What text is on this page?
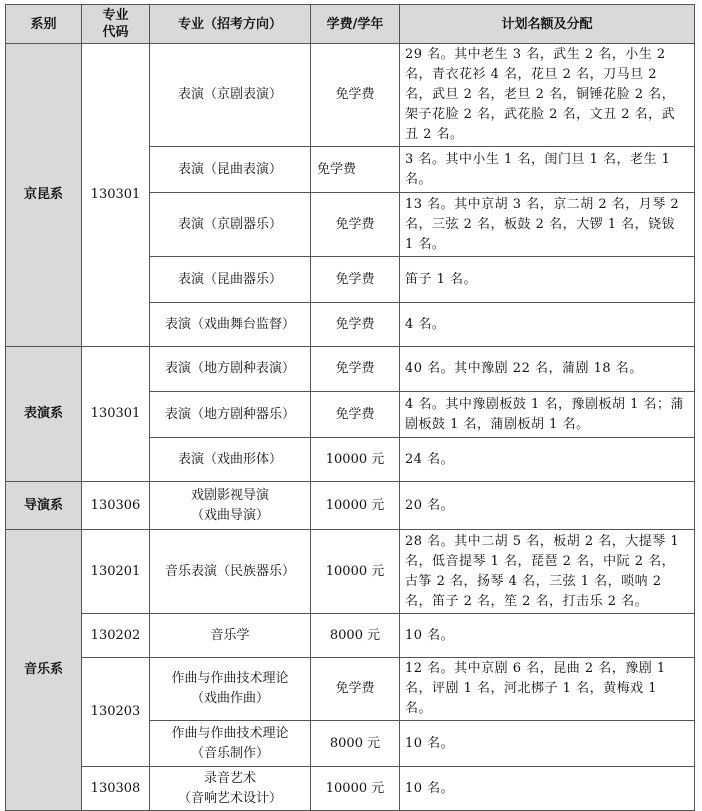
系别	专业
代码	专业（招考方向）	学费/学年	计划名额及分配
京昆系	130301	表演（京剧表演）	免学费	29 名。其中老生 3 名，武生 2 名，小生 2 名，青衣花衫 4 名，花旦 2 名，刀马旦 2 名，武旦 2 名，老旦 2 名，铜锤花脸 2 名，架子花脸 2 名，武花脸 2 名，文丑 2 名，武丑 2 名。

		表演（昆曲表演）	免学费	3 名。其中小生 1 名，闺门旦 1 名，老生 1 名。

		表演（京剧器乐）	免学费	13 名。其中京胡 3 名，京二胡 2 名，月琴 2 名，三弦 2 名，板鼓 2 名，大锣 1 名，铙钹 1 名。

		表演（昆曲器乐）	免学费	笛子 1 名。

		表演（戏曲舞台监督）	免学费	4 名。
表演系	130301	表演（地方剧种表演）	免学费	40 名。其中豫剧 22 名，蒲剧 18 名。

		表演（地方剧种器乐）	免学费	4 名。其中豫剧板鼓 1 名，豫剧板胡 1 名；蒲剧板鼓 1 名，蒲剧板胡 1 名。

		表演（戏曲形体）	10000 元	24 名。
导演系	130306	戏剧影视导演
（戏曲导演）	10000 元	20 名。
音乐系	130201	音乐表演（民族器乐）	10000 元	28 名。其中二胡 5 名，板胡 2 名，大提琴 1 名，低音提琴 1 名，琵琶 2 名，中阮 2 名，古筝 2 名，扬琴 4 名，三弦 1 名，唢呐 2 名，笛子 2 名，笙 2 名，打击乐 2 名。
	130202	音乐学	8000 元	10 名。
	130203	作曲与作曲技术理论
（戏曲作曲）	免学费	12 名。其中京剧 6 名，昆曲 2 名，豫剧 1 名，评剧 1 名，河北梆子 1 名，黄梅戏 1 名。

		作曲与作曲技术理论
（音乐制作）	8000 元	10 名。
	130308	录音艺术
（音响艺术设计）	10000 元	10 名。
